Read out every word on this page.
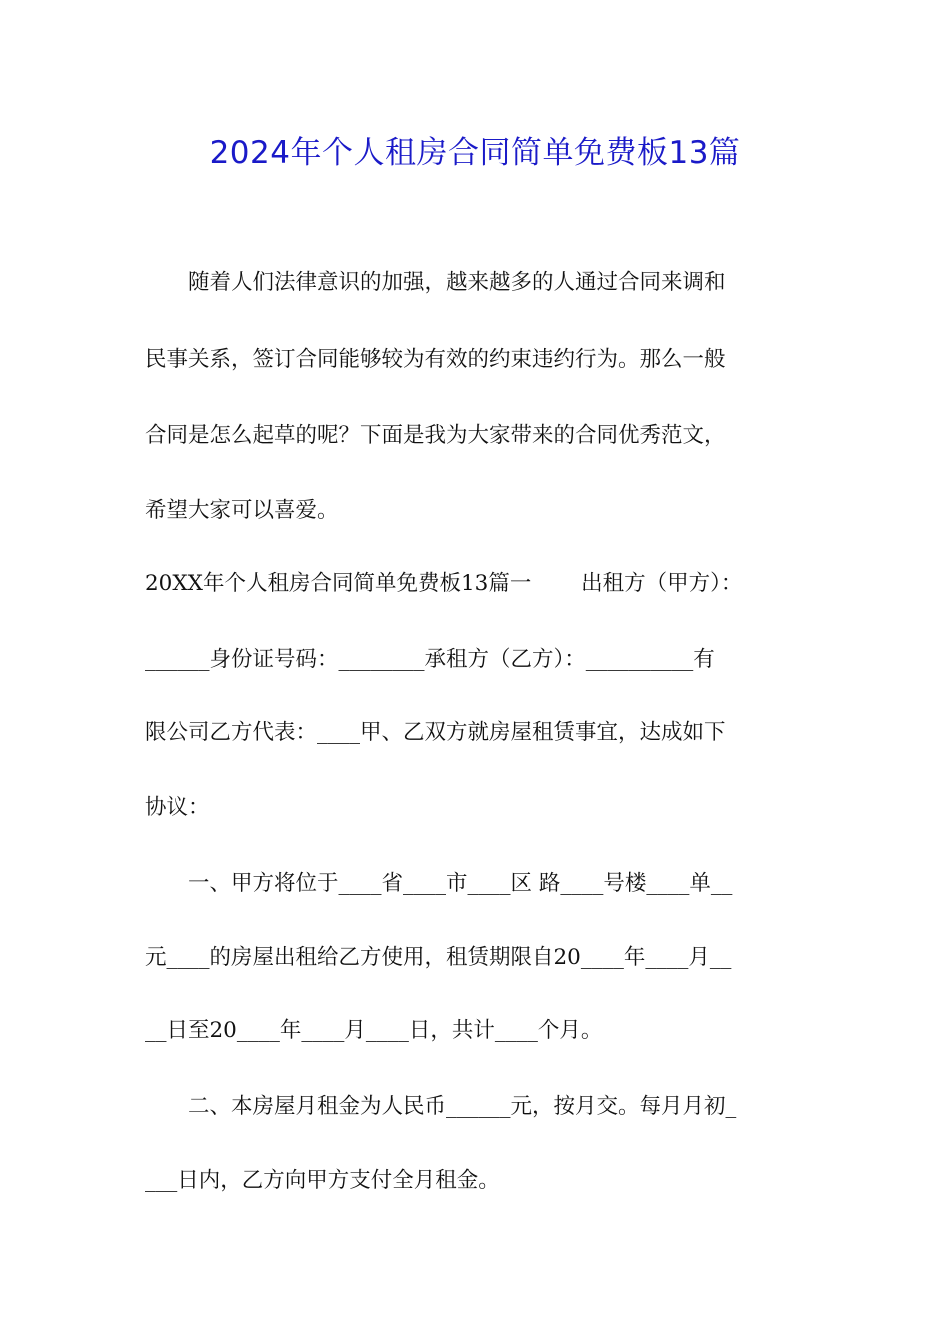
2024年个人租房合同简单免费板13篇
　　随着人们法律意识的加强，越来越多的人通过合同来调和
民事关系，签订合同能够较为有效的约束违约行为。那么一般
合同是怎么起草的呢？下面是我为大家带来的合同优秀范文，
希望大家可以喜爱。
20XX年个人租房合同简单免费板13篇一　　 出租方（甲方）：
______身份证号码：________承租方（乙方）：__________有
限公司乙方代表：____甲、乙双方就房屋租赁事宜，达成如下
协议：
　　一、甲方将位于____省____市____区 路____号楼____单__
元____的房屋出租给乙方使用，租赁期限自20____年____月__
__日至20____年____月____日，共计____个月。
　　二、本房屋月租金为人民币______元，按月交。每月月初_
___日内，乙方向甲方支付全月租金。
